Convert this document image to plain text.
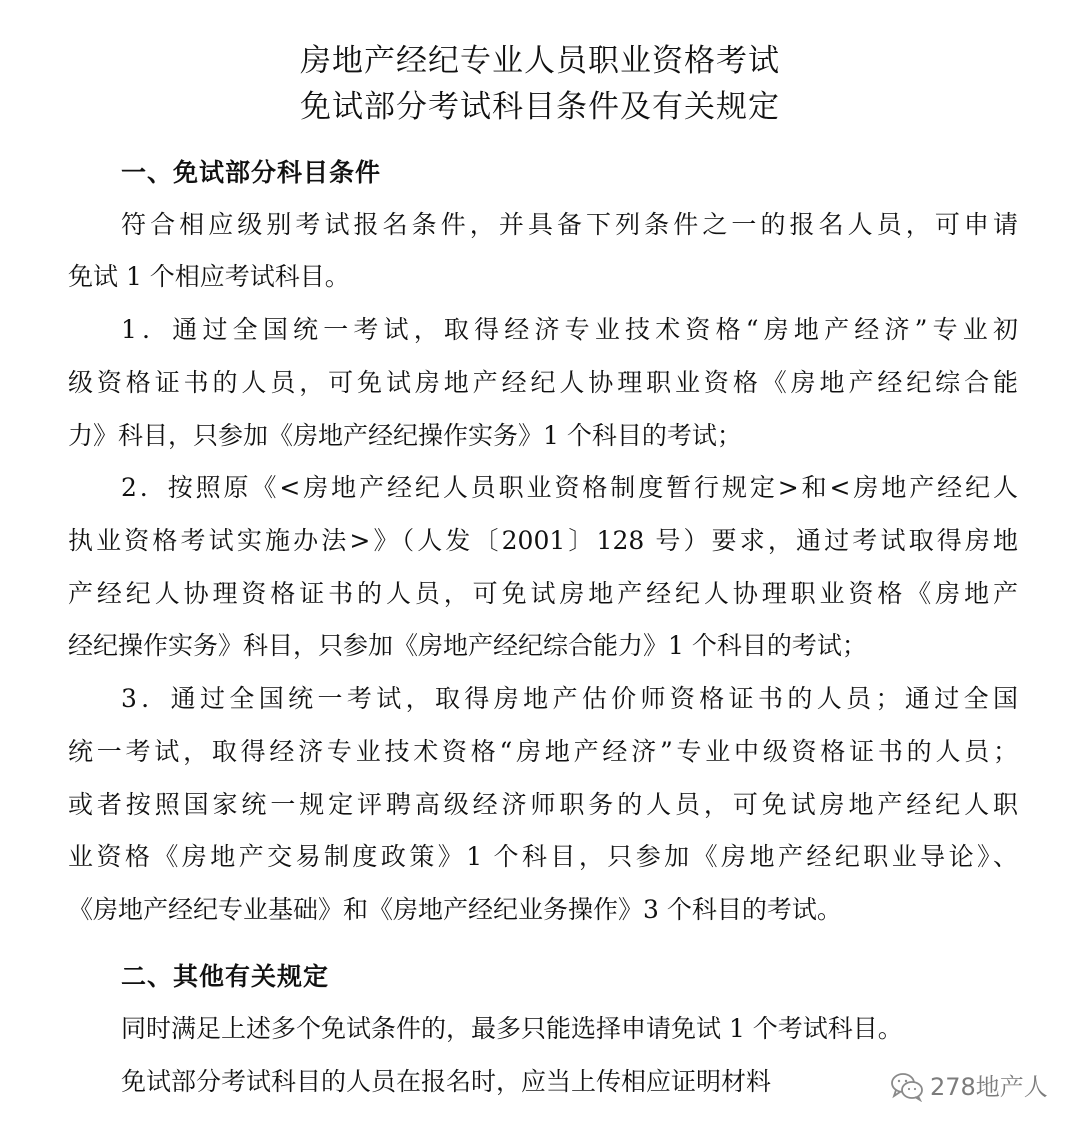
房地产经纪专业人员职业资格考试
免试部分考试科目条件及有关规定
一、免试部分科目条件
符合相应级别考试报名条件，并具备下列条件之一的报名人员，可申请
免试 1 个相应考试科目。
1．通过全国统一考试，取得经济专业技术资格“房地产经济”专业初
级资格证书的人员，可免试房地产经纪人协理职业资格《房地产经纪综合能
力》科目，只参加《房地产经纪操作实务》1 个科目的考试；
2．按照原《<房地产经纪人员职业资格制度暂行规定>和<房地产经纪人
执业资格考试实施办法>》（人发〔2001〕128 号）要求，通过考试取得房地
产经纪人协理资格证书的人员，可免试房地产经纪人协理职业资格《房地产
经纪操作实务》科目，只参加《房地产经纪综合能力》1 个科目的考试；
3．通过全国统一考试，取得房地产估价师资格证书的人员；通过全国
统一考试，取得经济专业技术资格“房地产经济”专业中级资格证书的人员；
或者按照国家统一规定评聘高级经济师职务的人员，可免试房地产经纪人职
业资格《房地产交易制度政策》1 个科目，只参加《房地产经纪职业导论》、
《房地产经纪专业基础》和《房地产经纪业务操作》3 个科目的考试。
二、其他有关规定
同时满足上述多个免试条件的，最多只能选择申请免试 1 个考试科目。
免试部分考试科目的人员在报名时，应当上传相应证明材料	278地产人
